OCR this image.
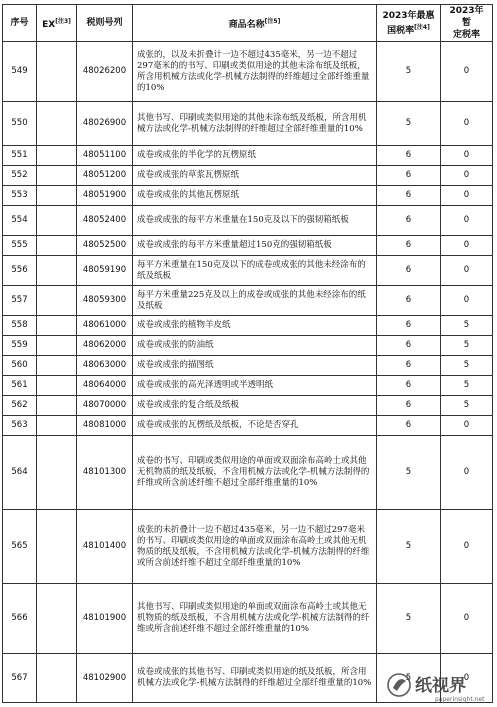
序号	EX[注3]	税则号列	商品名称[注5]	2023年最惠
国税率[注4]	2023年暂
定税率
549		48026200	成张的，以及未折叠计一边不超过435毫米，另一边不超过297毫米的的书写、印刷或类似用途的其他未涂布纸及纸板，所含用机械方法或化学-机械方法制得的纤维超过全部纤维重量的10%	5	0
550		48026900	其他书写、印刷或类似用途的其他未涂布纸及纸板，所含用机械方法或化学-机械方法制得的纤维超过全部纤维重量的10%	5	0
551		48051100	成卷或成张的半化学的瓦楞原纸	6	0
552		48051200	成卷或成张的草浆瓦楞原纸	6	0
553		48051900	成卷或成张的其他瓦楞原纸	6	0
554		48052400	成卷或成张的每平方米重量在150克及以下的强韧箱纸板	6	0
555		48052500	成卷或成张的每平方米重量超过150克的强韧箱纸板	6	0
556		48059190	每平方米重量在150克及以下的成卷或成张的其他未经涂布的纸及纸板	6	0
557		48059300	每平方米重量225克及以上的成卷或成张的其他未经涂布的纸及纸板	6	0
558		48061000	成卷或成张的植物羊皮纸	6	5
559		48062000	成卷或成张的防油纸	6	5
560		48063000	成卷或成张的描图纸	6	5
561		48064000	成卷或成张的高光泽透明或半透明纸	6	5
562		48070000	成卷或成张的复合纸及纸板	6	5
563		48081000	成卷或成张的瓦楞纸及纸板，不论是否穿孔	6	0
564		48101300	成卷的书写、印刷或类似用途的单面或双面涂布高岭土或其他无机物质的纸及纸板，不含用机械方法或化学-机械方法制得的纤维或所含前述纤维不超过全部纤维重量的10%	5	0
565		48101400	成张的未折叠计一边不超过435毫米，另一边不超过297毫米的书写、印刷或类似用途的单面或双面涂布高岭土或其他无机物质的纸及纸板，不含用机械方法或化学-机械方法制得的纤维或所含前述纤维不超过全部纤维重量的10%	5	0
566		48101900	其他书写、印刷或类似用途的单面或双面涂布高岭土或其他无机物质的纸及纸板，不含用机械方法或化学-机械方法制得的纤维或所含前述纤维不超过全部纤维重量的10%	5	0
567		48102900	成卷或成张的其他书写、印刷或类似用途的纸及纸板，所含用机械方法或化学-机械方法制得的纤维超过全部纤维重量的10%	5	0
纸视界
paperinsight.net
